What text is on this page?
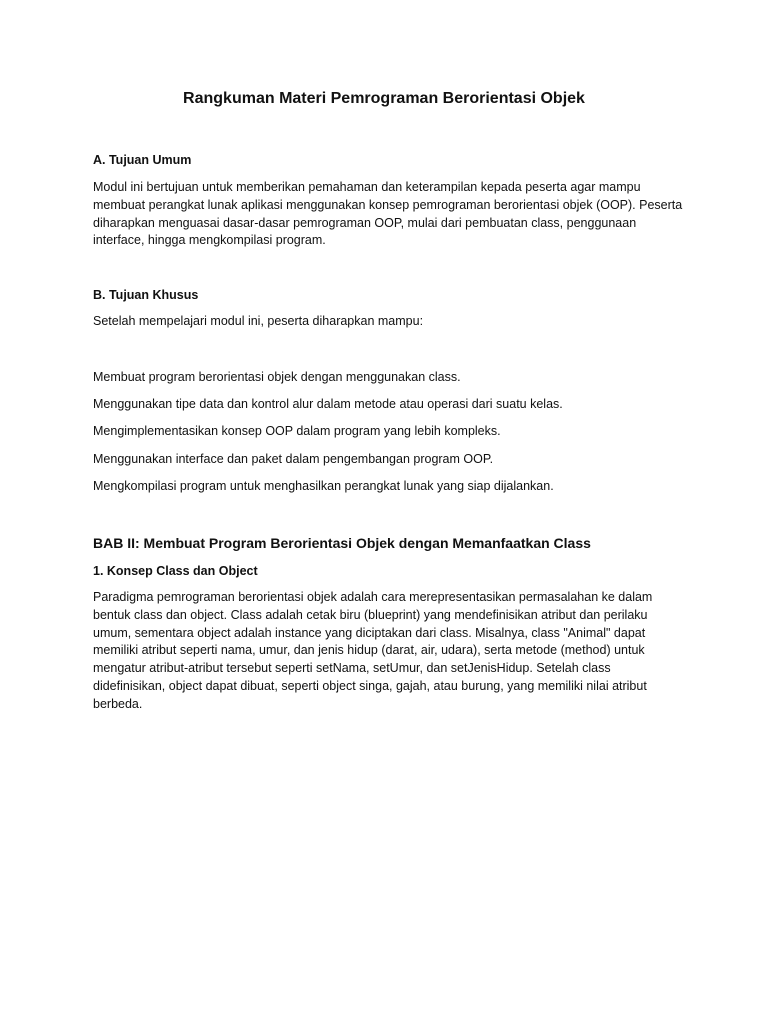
Rangkuman Materi Pemrograman Berorientasi Objek
A. Tujuan Umum

Modul ini bertujuan untuk memberikan pemahaman dan keterampilan kepada peserta agar mampu membuat perangkat lunak aplikasi menggunakan konsep pemrograman berorientasi objek (OOP). Peserta diharapkan menguasai dasar-dasar pemrograman OOP, mulai dari pembuatan class, penggunaan interface, hingga mengkompilasi program.

B. Tujuan Khusus

Setelah mempelajari modul ini, peserta diharapkan mampu:

Membuat program berorientasi objek dengan menggunakan class.

Menggunakan tipe data dan kontrol alur dalam metode atau operasi dari suatu kelas.

Mengimplementasikan konsep OOP dalam program yang lebih kompleks.

Menggunakan interface dan paket dalam pengembangan program OOP.

Mengkompilasi program untuk menghasilkan perangkat lunak yang siap dijalankan.

BAB II: Membuat Program Berorientasi Objek dengan Memanfaatkan Class
1. Konsep Class dan Object

Paradigma pemrograman berorientasi objek adalah cara merepresentasikan permasalahan ke dalam bentuk class dan object. Class adalah cetak biru (blueprint) yang mendefinisikan atribut dan perilaku umum, sementara object adalah instance yang diciptakan dari class. Misalnya, class "Animal" dapat memiliki atribut seperti nama, umur, dan jenis hidup (darat, air, udara), serta metode (method) untuk mengatur atribut-atribut tersebut seperti setNama, setUmur, dan setJenisHidup. Setelah class didefinisikan, object dapat dibuat, seperti object singa, gajah, atau burung, yang memiliki nilai atribut berbeda.
